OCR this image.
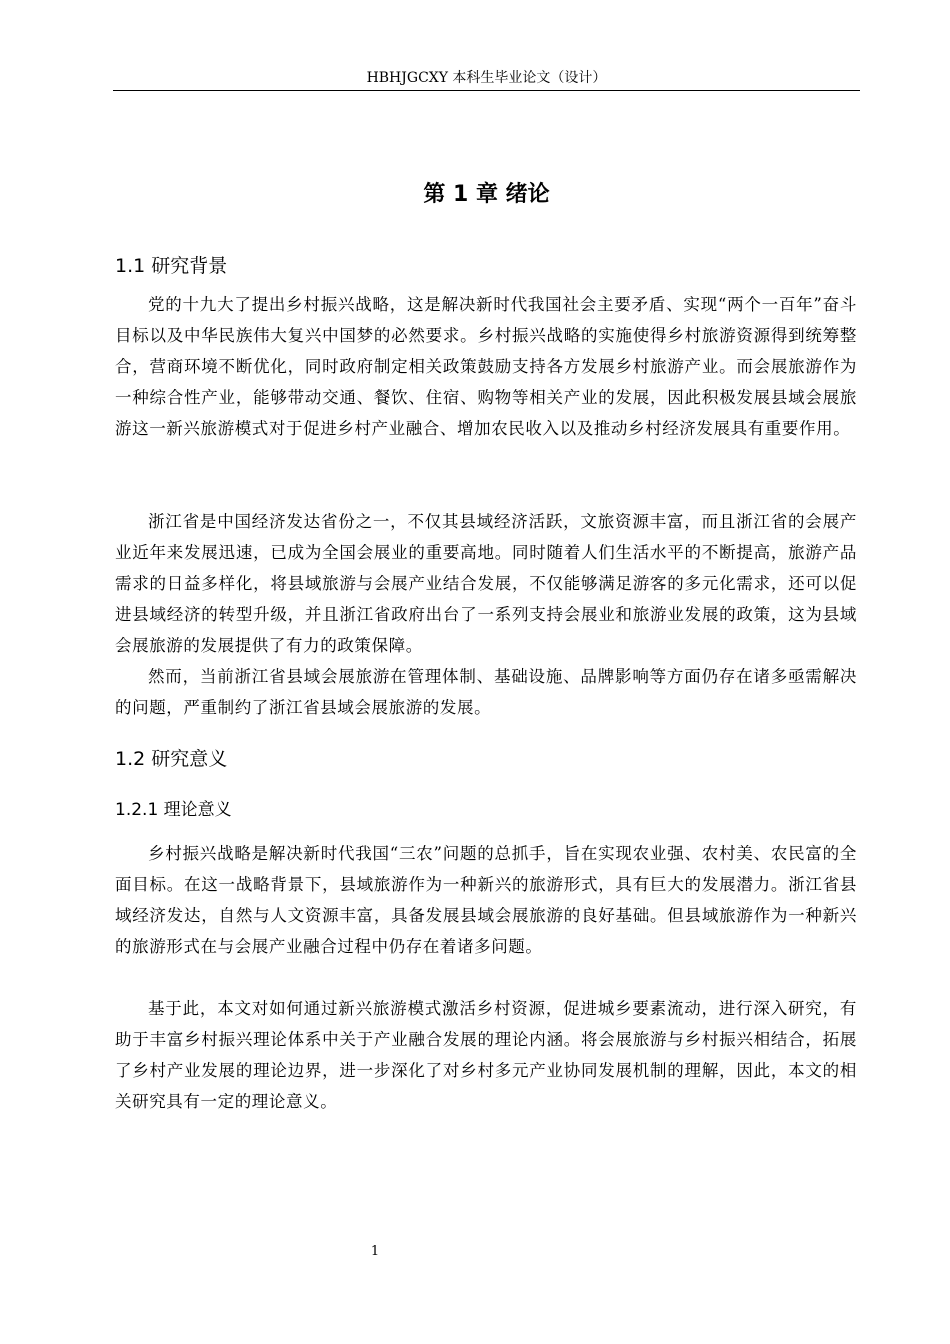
HBHJGCXY 本科生毕业论文（设计）
第 1 章 绪论
1.1 研究背景

党的十九大了提出乡村振兴战略，这是解决新时代我国社会主要矛盾、实现“两个一百年”奋斗目标以及中华民族伟大复兴中国梦的必然要求。乡村振兴战略的实施使得乡村旅游资源得到统筹整合，营商环境不断优化，同时政府制定相关政策鼓励支持各方发展乡村旅游产业。而会展旅游作为一种综合性产业，能够带动交通、餐饮、住宿、购物等相关产业的发展，因此积极发展县域会展旅游这一新兴旅游模式对于促进乡村产业融合、增加农民收入以及推动乡村经济发展具有重要作用。

浙江省是中国经济发达省份之一，不仅其县域经济活跃，文旅资源丰富，而且浙江省的会展产业近年来发展迅速，已成为全国会展业的重要高地。同时随着人们生活水平的不断提高，旅游产品需求的日益多样化，将县域旅游与会展产业结合发展，不仅能够满足游客的多元化需求，还可以促进县域经济的转型升级，并且浙江省政府出台了一系列支持会展业和旅游业发展的政策，这为县域会展旅游的发展提供了有力的政策保障。

然而，当前浙江省县域会展旅游在管理体制、基础设施、品牌影响等方面仍存在诸多亟需解决的问题，严重制约了浙江省县域会展旅游的发展。

1.2 研究意义
1.2.1 理论意义

乡村振兴战略是解决新时代我国“三农”问题的总抓手，旨在实现农业强、农村美、农民富的全面目标。在这一战略背景下，县域旅游作为一种新兴的旅游形式，具有巨大的发展潜力。浙江省县域经济发达，自然与人文资源丰富，具备发展县域会展旅游的良好基础。但县域旅游作为一种新兴的旅游形式在与会展产业融合过程中仍存在着诸多问题。

基于此，本文对如何通过新兴旅游模式激活乡村资源，促进城乡要素流动，进行深入研究，有助于丰富乡村振兴理论体系中关于产业融合发展的理论内涵。将会展旅游与乡村振兴相结合，拓展了乡村产业发展的理论边界，进一步深化了对乡村多元产业协同发展机制的理解，因此，本文的相关研究具有一定的理论意义。

1
